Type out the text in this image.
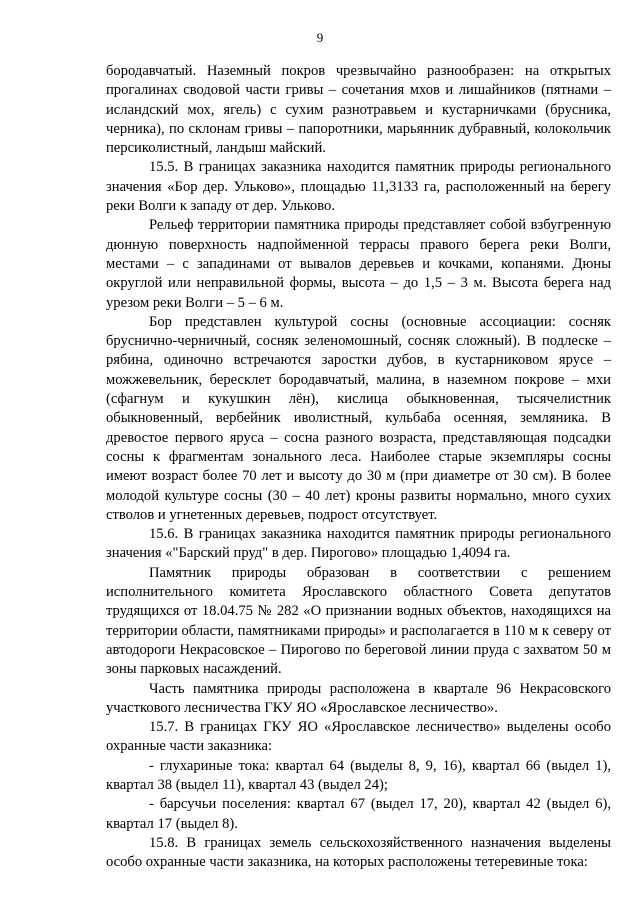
9

бородавчатый. Наземный покров чрезвычайно разнообразен: на открытых прогалинах сводовой части гривы – сочетания мхов и лишайников (пятнами – исландский мох, ягель) с сухим разнотравьем и кустарничками (брусника, черника), по склонам гривы – папоротники, марьянник дубравный, колокольчик персиколистный, ландыш майский.

15.5. В границах заказника находится памятник природы регионального значения «Бор дер. Ульково», площадью 11,3133 га, расположенный на берегу реки Волги к западу от дер. Ульково.

Рельеф территории памятника природы представляет собой взбугренную дюнную поверхность надпойменной террасы правого берега реки Волги, местами – с западинами от вывалов деревьев и кочками, копанями. Дюны округлой или неправильной формы, высота – до 1,5 – 3 м. Высота берега над урезом реки Волги – 5 – 6 м.

Бор представлен культурой сосны (основные ассоциации: сосняк бруснично-черничный, сосняк зеленомошный, сосняк сложный). В подлеске – рябина, одиночно встречаются заростки дубов, в кустарниковом ярусе – можжевельник, бересклет бородавчатый, малина, в наземном покрове – мхи (сфагнум и кукушкин лён), кислица обыкновенная, тысячелистник обыкновенный, вербейник иволистный, кульбаба осенняя, земляника. В древостое первого яруса – сосна разного возраста, представляющая подсадки сосны к фрагментам зонального леса. Наиболее старые экземпляры сосны имеют возраст более 70 лет и высоту до 30 м (при диаметре от 30 см). В более молодой культуре сосны (30 – 40 лет) кроны развиты нормально, много сухих стволов и угнетенных деревьев, подрост отсутствует.

15.6. В границах заказника находится памятник природы регионального значения «"Барский пруд" в дер. Пирогово» площадью 1,4094 га.

Памятник природы образован в соответствии с решением исполнительного комитета Ярославского областного Совета депутатов трудящихся от 18.04.75 № 282 «О признании водных объектов, находящихся на территории области, памятниками природы» и располагается в 110 м к северу от автодороги Некрасовское – Пирогово по береговой линии пруда с захватом 50 м зоны парковых насаждений.

Часть памятника природы расположена в квартале 96 Некрасовского участкового лесничества ГКУ ЯО «Ярославское лесничество».

15.7. В границах ГКУ ЯО «Ярославское лесничество» выделены особо охранные части заказника:

- глухариные тока: квартал 64 (выделы 8, 9, 16), квартал 66 (выдел 1), квартал 38 (выдел 11), квартал 43 (выдел 24);

- барсучьи поселения: квартал 67 (выдел 17, 20), квартал 42 (выдел 6), квартал 17 (выдел 8).

15.8. В границах земель сельскохозяйственного назначения выделены особо охранные части заказника, на которых расположены тетеревиные тока:
